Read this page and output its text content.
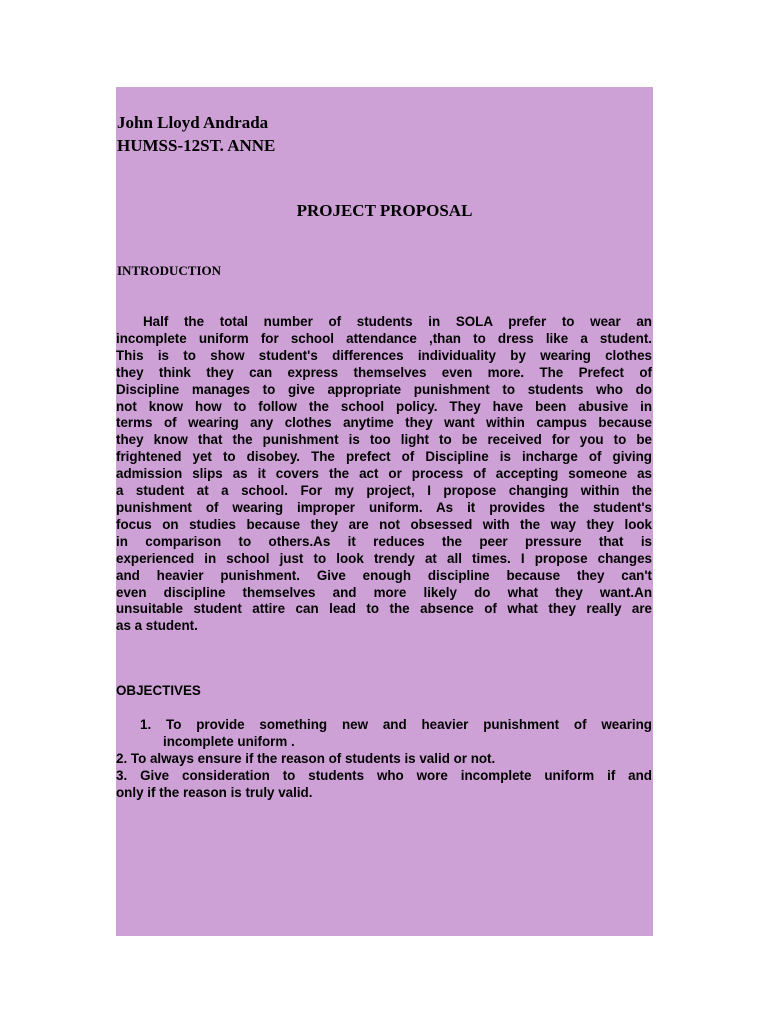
John Lloyd Andrada
HUMSS-12ST. ANNE
PROJECT PROPOSAL
INTRODUCTION

Half the total number of students in SOLA prefer to wear an

incomplete uniform for school attendance ,than to dress like a student.

This is to show student's differences individuality by wearing clothes

they think they can express themselves even more. The Prefect of

Discipline manages to give appropriate punishment to students who do

not know how to follow the school policy. They have been abusive in

terms of wearing any clothes anytime they want within campus because

they know that the punishment is too light to be received for you to be

frightened yet to disobey. The prefect of Discipline is incharge of giving

admission slips as it covers the act or process of accepting someone as

a student at a school. For my project, I propose changing within the

punishment of wearing improper uniform. As it provides the student's

focus on studies because they are not obsessed with the way they look

in comparison to others.As it reduces the peer pressure that is

experienced in school just to look trendy at all times. I propose changes

and heavier punishment. Give enough discipline because they can't

even discipline themselves and more likely do what they want.An

unsuitable student attire can lead to the absence of what they really are

as a student.

OBJECTIVES

1. To provide something new and heavier punishment of wearing

incomplete uniform .

2. To always ensure if the reason of students is valid or not.

3. Give consideration to students who wore incomplete uniform if and

only if the reason is truly valid.
